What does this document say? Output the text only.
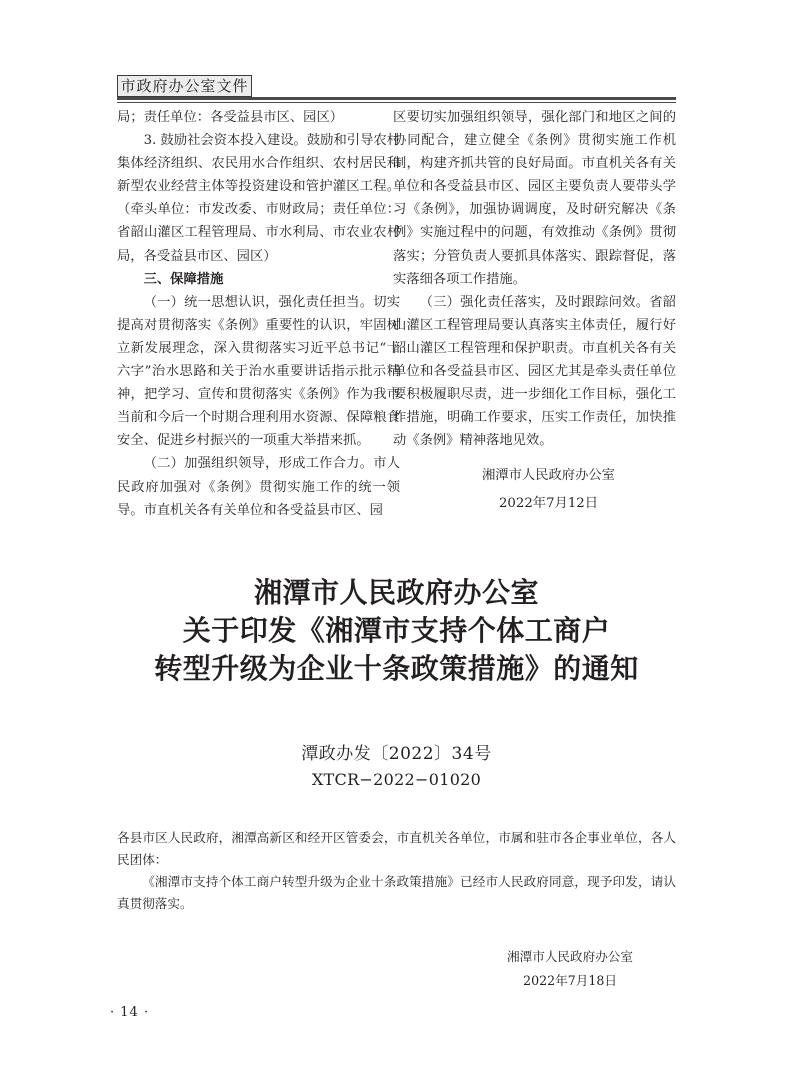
市政府办公室文件

局；责任单位：各受益县市区、园区）

3. 鼓励社会资本投入建设。鼓励和引导农村集体经济组织、农民用水合作组织、农村居民和新型农业经营主体等投资建设和管护灌区工程。（牵头单位：市发改委、市财政局；责任单位：省韶山灌区工程管理局、市水利局、市农业农村局，各受益县市区、园区）

三、保障措施

（一）统一思想认识，强化责任担当。切实提高对贯彻落实《条例》重要性的认识，牢固树立新发展理念，深入贯彻落实习近平总书记“十六字”治水思路和关于治水重要讲话指示批示精神，把学习、宣传和贯彻落实《条例》作为我市当前和今后一个时期合理利用水资源、保障粮食安全、促进乡村振兴的一项重大举措来抓。

（二）加强组织领导，形成工作合力。市人民政府加强对《条例》贯彻实施工作的统一领导。市直机关各有关单位和各受益县市区、园

区要切实加强组织领导，强化部门和地区之间的协同配合，建立健全《条例》贯彻实施工作机制，构建齐抓共管的良好局面。市直机关各有关单位和各受益县市区、园区主要负责人要带头学习《条例》，加强协调调度，及时研究解决《条例》实施过程中的问题，有效推动《条例》贯彻落实；分管负责人要抓具体落实、跟踪督促，落实落细各项工作措施。

（三）强化责任落实，及时跟踪问效。省韶山灌区工程管理局要认真落实主体责任，履行好韶山灌区工程管理和保护职责。市直机关各有关单位和各受益县市区、园区尤其是牵头责任单位要积极履职尽责，进一步细化工作目标，强化工作措施，明确工作要求，压实工作责任，加快推动《条例》精神落地见效。

湘潭市人民政府办公室

2022年7月12日

湘潭市人民政府办公室
关于印发《湘潭市支持个体工商户
转型升级为企业十条政策措施》的通知
潭政办发〔2022〕34号
XTCR−2022−01020

各县市区人民政府，湘潭高新区和经开区管委会，市直机关各单位，市属和驻市各企事业单位，各人民团体：

《湘潭市支持个体工商户转型升级为企业十条政策措施》已经市人民政府同意，现予印发，请认真贯彻落实。

湘潭市人民政府办公室
2022年7月18日
· 14 ·
